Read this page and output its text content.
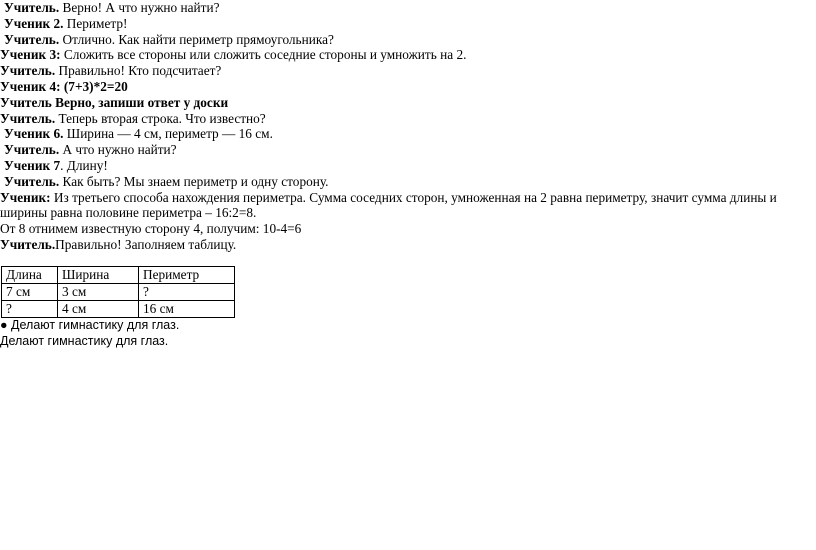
Учитель. Верно! А что нужно найти?
Ученик 2. Периметр!
Учитель. Отлично. Как найти периметр прямоугольника?
Ученик 3: Сложить все стороны или сложить соседние стороны и умножить на 2.
Учитель. Правильно! Кто подсчитает?
Ученик 4: (7+3)*2=20
Учитель Верно, запиши ответ у доски
Учитель. Теперь вторая строка. Что известно?
Ученик 6. Ширина — 4 см, периметр — 16 см.
Учитель. А что нужно найти?
Ученик 7. Длину!
Учитель. Как быть? Мы знаем периметр и одну сторону.
Ученик: Из третьего способа нахождения периметра. Сумма соседних сторон, умноженная на 2 равна периметру, значит сумма длины и ширины равна половине периметра – 16:2=8.
От 8 отнимем известную сторону 4, получим: 10-4=6
Учитель.Правильно! Заполняем таблицу.
Длина	Ширина	Периметр
7 см	3 см	?
?	4 см	16 см
● Делают гимнастику для глаз.
Делают гимнастику для глаз.
